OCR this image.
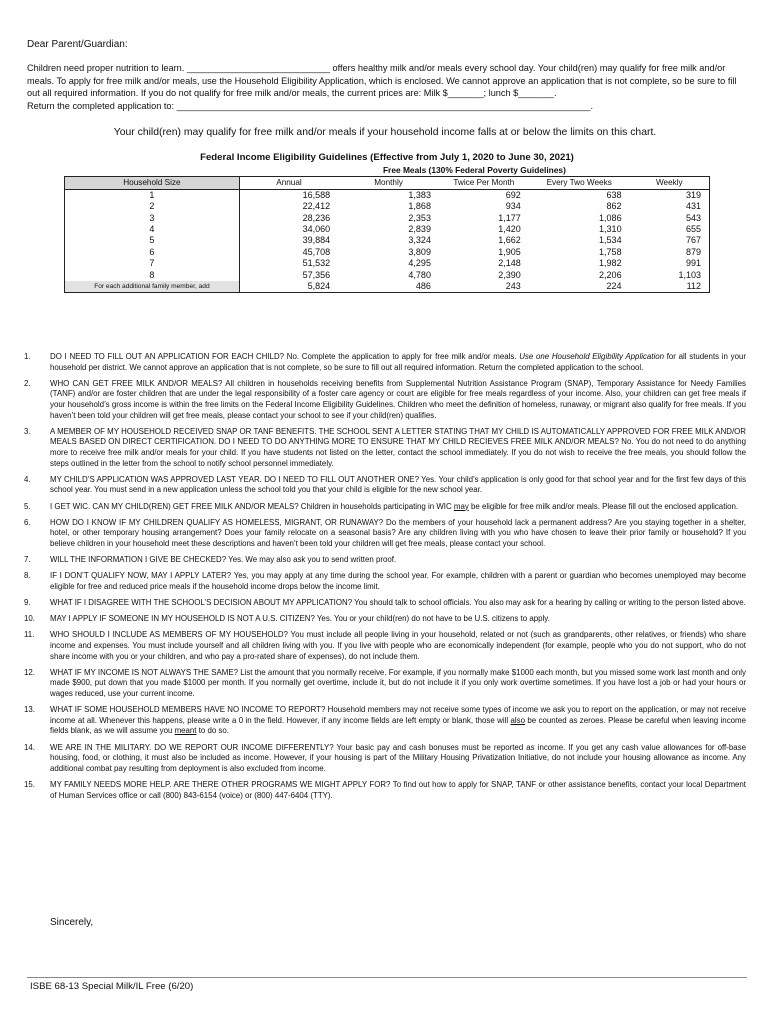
Dear Parent/Guardian:
Children need proper nutrition to learn. ____________________________ offers healthy milk and/or meals every school day. Your child(ren) may qualify for free milk and/or meals. To apply for free milk and/or meals, use the Household Eligibility Application, which is enclosed. We cannot approve an application that is not complete, so be sure to fill out all required information. If you do not qualify for free milk and/or meals, the current prices are: Milk $_______; lunch $_______.
Return the completed application to: _________________________________________________________________________________.
Your child(ren) may qualify for free milk and/or meals if your household income falls at or below the limits on this chart.
Federal Income Eligibility Guidelines (Effective from July 1, 2020 to June 30, 2021)					
	Free Meals (130% Federal Poverty Guidelines)				
Household Size	Annual	Monthly	Twice Per Month	Every Two Weeks	Weekly
1	16,588	1,383	692	638	319
2	22,412	1,868	934	862	431
3	28,236	2,353	1,177	1,086	543
4	34,060	2,839	1,420	1,310	655
5	39,884	3,324	1,662	1,534	767
6	45,708	3,809	1,905	1,758	879
7	51,532	4,295	2,148	1,982	991
8	57,356	4,780	2,390	2,206	1,103
For each additional family member, add	5,824	486	243	224	112
1.	DO I NEED TO FILL OUT AN APPLICATION FOR EACH CHILD? No. Complete the application to apply for free milk and/or meals. Use one Household Eligibility Application for all students in your household per district. We cannot approve an application that is not complete, so be sure to fill out all required information. Return the completed application to the school.
2.	WHO CAN GET FREE MILK AND/OR MEALS? All children in households receiving benefits from Supplemental Nutrition Assistance Program (SNAP), Temporary Assistance for Needy Families (TANF) and/or are foster children that are under the legal responsibility of a foster care agency or court are eligible for free meals regardless of your income. Also, your children can get free meals if your household’s gross income is within the free limits on the Federal Income Eligibility Guidelines. Children who meet the definition of homeless, runaway, or migrant also qualify for free meals. If you haven’t been told your children will get free meals, please contact your school to see if your child(ren) qualifies.
3.	A MEMBER OF MY HOUSEHOLD RECEIVED SNAP OR TANF BENEFITS. THE SCHOOL SENT A LETTER STATING THAT MY CHILD IS AUTOMATICALLY APPROVED FOR FREE MILK AND/OR MEALS BASED ON DIRECT CERTIFICATION. DO I NEED TO DO ANYTHING MORE TO ENSURE THAT MY CHILD RECIEVES FREE MILK AND/OR MEALS? No. You do not need to do anything more to receive free milk and/or meals for your child. If you have students not listed on the letter, contact the school immediately. If you do not wish to receive the free meals, you should follow the steps outlined in the letter from the school to notify school personnel immediately.
4.	MY CHILD’S APPLICATION WAS APPROVED LAST YEAR. DO I NEED TO FILL OUT ANOTHER ONE? Yes. Your child’s application is only good for that school year and for the first few days of this school year. You must send in a new application unless the school told you that your child is eligible for the new school year.
5.	I GET WIC. CAN MY CHILD(REN) GET FREE MILK AND/OR MEALS? Children in households participating in WIC may be eligible for free milk and/or meals. Please fill out the enclosed application.
6.	HOW DO I KNOW IF MY CHILDREN QUALIFY AS HOMELESS, MIGRANT, OR RUNAWAY? Do the members of your household lack a permanent address? Are you staying together in a shelter, hotel, or other temporary housing arrangement? Does your family relocate on a seasonal basis? Are any children living with you who have chosen to leave their prior family or household? If you believe children in your household meet these descriptions and haven’t been told your children will get free meals, please contact your school.
7.	WILL THE INFORMATION I GIVE BE CHECKED? Yes. We may also ask you to send written proof.
8.	IF I DON’T QUALIFY NOW, MAY I APPLY LATER? Yes, you may apply at any time during the school year. For example, children with a parent or guardian who becomes unemployed may become eligible for free and reduced price meals if the household income drops below the income limit.
9.	WHAT IF I DISAGREE WITH THE SCHOOL’S DECISION ABOUT MY APPLICATION? You should talk to school officials. You also may ask for a hearing by calling or writing to the person listed above.
10.	MAY I APPLY IF SOMEONE IN MY HOUSEHOLD IS NOT A U.S. CITIZEN? Yes. You or your child(ren) do not have to be U.S. citizens to apply.
11.	WHO SHOULD I INCLUDE AS MEMBERS OF MY HOUSEHOLD? You must include all people living in your household, related or not (such as grandparents, other relatives, or friends) who share income and expenses. You must include yourself and all children living with you. If you live with people who are economically independent (for example, people who you do not support, who do not share income with you or your children, and who pay a pro-rated share of expenses), do not include them.
12.	WHAT IF MY INCOME IS NOT ALWAYS THE SAME? List the amount that you normally receive. For example, if you normally make $1000 each month, but you missed some work last month and only made $900, put down that you made $1000 per month. If you normally get overtime, include it, but do not include it if you only work overtime sometimes. If you have lost a job or had your hours or wages reduced, use your current income.
13.	WHAT IF SOME HOUSEHOLD MEMBERS HAVE NO INCOME TO REPORT? Household members may not receive some types of income we ask you to report on the application, or may not receive income at all. Whenever this happens, please write a 0 in the field. However, if any income fields are left empty or blank, those will also be counted as zeroes. Please be careful when leaving income fields blank, as we will assume you meant to do so.
14.	WE ARE IN THE MILITARY. DO WE REPORT OUR INCOME DIFFERENTLY? Your basic pay and cash bonuses must be reported as income. If you get any cash value allowances for off-base housing, food, or clothing, it must also be included as income. However, if your housing is part of the Military Housing Privatization Initiative, do not include your housing allowance as income. Any additional combat pay resulting from deployment is also excluded from income.
15.	MY FAMILY NEEDS MORE HELP. ARE THERE OTHER PROGRAMS WE MIGHT APPLY FOR? To find out how to apply for SNAP, TANF or other assistance benefits, contact your local Department of Human Services office or call (800) 843-6154 (voice) or (800) 447-6404 (TTY).
Sincerely,
ISBE 68-13 Special Milk/IL Free (6/20)
